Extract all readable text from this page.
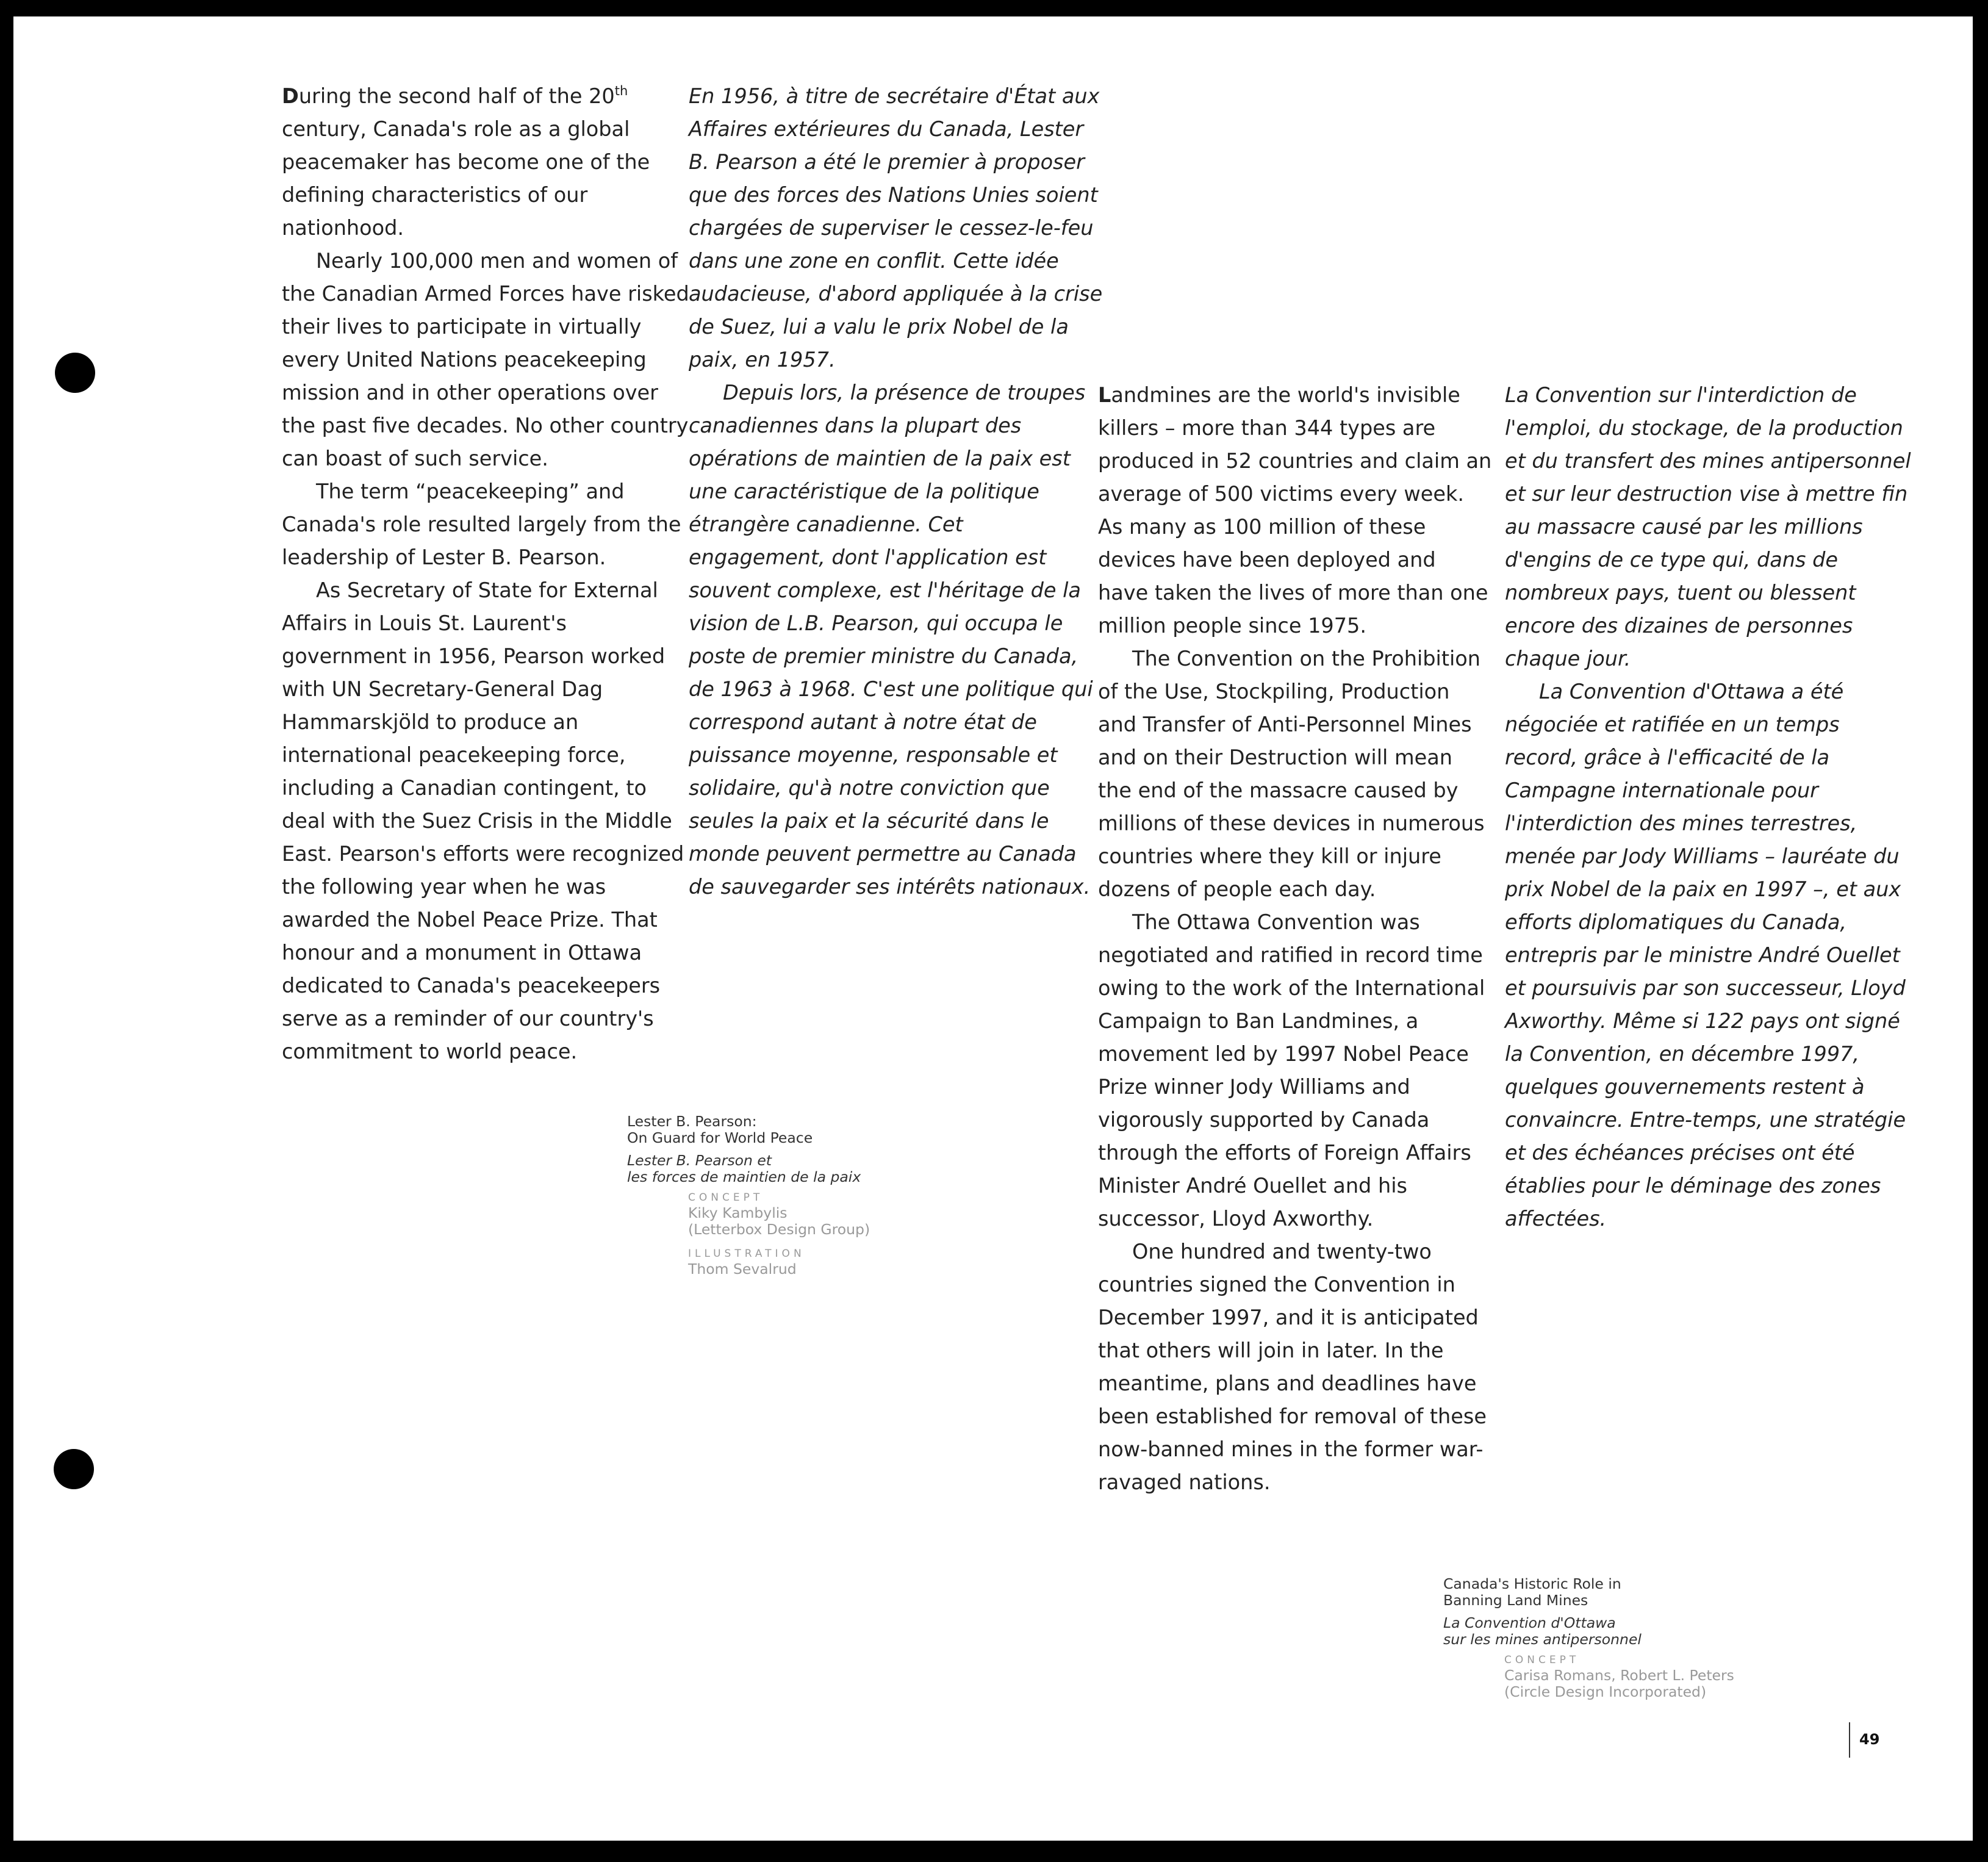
During the second half of the 20th century, Canada's role as a global peacemaker has become one of the defining characteristics of our nationhood.

Nearly 100,000 men and women of the Canadian Armed Forces have risked their lives to participate in virtually every United Nations peacekeeping mission and in other operations over the past five decades. No other country can boast of such service.

The term “peacekeeping” and Canada's role resulted largely from the leadership of Lester B. Pearson.

As Secretary of State for External Affairs in Louis St. Laurent's government in 1956, Pearson worked with UN Secretary-General Dag Hammarskjöld to produce an international peacekeeping force, including a Canadian contingent, to deal with the Suez Crisis in the Middle East. Pearson's efforts were recognized the following year when he was awarded the Nobel Peace Prize. That honour and a monument in Ottawa dedicated to Canada's peacekeepers serve as a reminder of our country's commitment to world peace.

En 1956, à titre de secrétaire d'État aux Affaires extérieures du Canada, Lester B. Pearson a été le premier à proposer que des forces des Nations Unies soient chargées de superviser le cessez-le-feu dans une zone en conflit. Cette idée audacieuse, d'abord appliquée à la crise de Suez, lui a valu le prix Nobel de la paix, en 1957.

Depuis lors, la présence de troupes canadiennes dans la plupart des opérations de maintien de la paix est une caractéristique de la politique étrangère canadienne. Cet engagement, dont l'application est souvent complexe, est l'héritage de la vision de L.B. Pearson, qui occupa le poste de premier ministre du Canada, de 1963 à 1968. C'est une politique qui correspond autant à notre état de puissance moyenne, responsable et solidaire, qu'à notre conviction que seules la paix et la sécurité dans le monde peuvent permettre au Canada de sauvegarder ses intérêts nationaux.

Lester B. Pearson:
On Guard for World Peace
Lester B. Pearson et
les forces de maintien de la paix
CONCEPT
Kiky Kambylis
(Letterbox Design Group)
ILLUSTRATION
Thom Sevalrud

Landmines are the world's invisible killers – more than 344 types are produced in 52 countries and claim an average of 500 victims every week. As many as 100 million of these devices have been deployed and have taken the lives of more than one million people since 1975.

The Convention on the Prohibition of the Use, Stockpiling, Production and Transfer of Anti-Personnel Mines and on their Destruction will mean the end of the massacre caused by millions of these devices in numerous countries where they kill or injure dozens of people each day.

The Ottawa Convention was negotiated and ratified in record time owing to the work of the International Campaign to Ban Landmines, a movement led by 1997 Nobel Peace Prize winner Jody Williams and vigorously supported by Canada through the efforts of Foreign Affairs Minister André Ouellet and his successor, Lloyd Axworthy.

One hundred and twenty-two countries signed the Convention in December 1997, and it is anticipated that others will join in later. In the meantime, plans and deadlines have been established for removal of these now-banned mines in the former war-ravaged nations.

La Convention sur l'interdiction de l'emploi, du stockage, de la production et du transfert des mines antipersonnel et sur leur destruction vise à mettre fin au massacre causé par les millions d'engins de ce type qui, dans de nombreux pays, tuent ou blessent encore des dizaines de personnes chaque jour.

La Convention d'Ottawa a été négociée et ratifiée en un temps record, grâce à l'efficacité de la Campagne internationale pour l'interdiction des mines terrestres, menée par Jody Williams – lauréate du prix Nobel de la paix en 1997 –, et aux efforts diplomatiques du Canada, entrepris par le ministre André Ouellet et poursuivis par son successeur, Lloyd Axworthy. Même si 122 pays ont signé la Convention, en décembre 1997, quelques gouvernements restent à convaincre. Entre-temps, une stratégie et des échéances précises ont été établies pour le déminage des zones affectées.

Canada's Historic Role in
Banning Land Mines
La Convention d'Ottawa
sur les mines antipersonnel
CONCEPT
Carisa Romans, Robert L. Peters
(Circle Design Incorporated)
49
